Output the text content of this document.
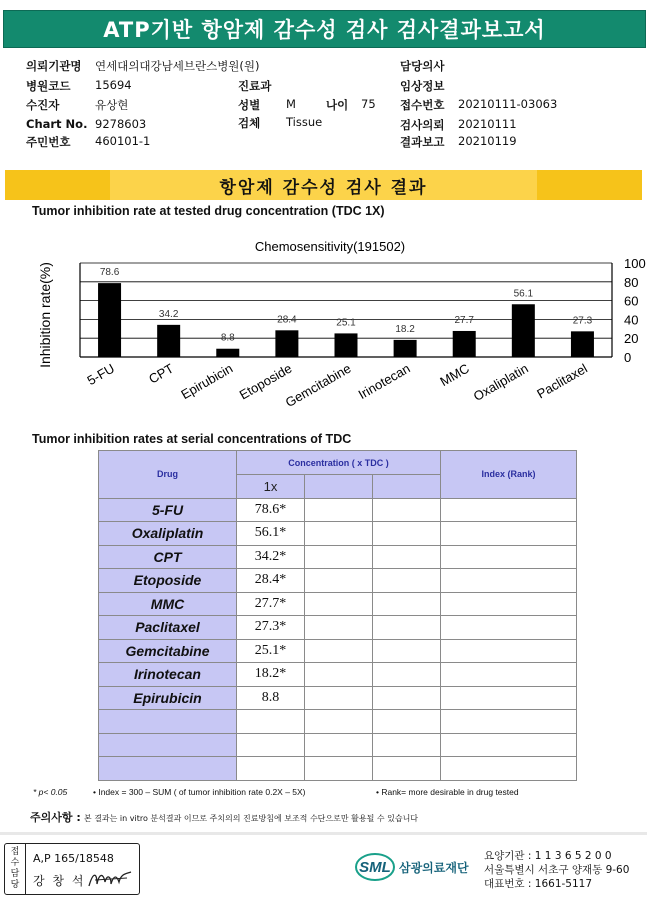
ATP기반 항암제 감수성 검사 검사결과보고서
의뢰기관명 연세대의대강남세브란스병원(원)
병원코드 15694
수진자	유상현
Chart No. 9278603
주민번호 460101-1
진료과
성별 M	나이 75
검체 Tissue
담당의사
임상정보
접수번호 20210111-03063
검사의뢰 20210111
결과보고 20210119
항암제 감수성 검사 결과
Tumor inhibition rate at tested drug concentration (TDC 1X)
Chemosensitivity(191502)
Inhibition rate(%)	78.6
34.2
8.8
28.4	25.1
18.2
27.7
56.1
27.3
0
20
40
60
80
100
5-FU CPT Epirubicin Etoposide
Gemcitabine Irinotecan MMC Oxaliplatin Paclitaxel
Tumor inhibition rates at serial concentrations of TDC
Drug	Concentration ( x TDC )			Index (Rank)
	1x			
5-FU	78.6*			
Oxaliplatin	56.1*			
CPT	34.2*			
Etoposide	28.4*			
MMC	27.7*			
Paclitaxel	27.3*			
Gemcitabine	25.1*			
Irinotecan	18.2*			
Epirubicin	8.8			

* p< 0.05	• Index = 300 – SUM ( of tumor inhibition rate 0.2X – 5X)	• Rank= more desirable in drug tested
주의사항 : 본 결과는 in vitro 분석결과 이므로 주치의의 진료방침에 보조적 수단으로만 활용될 수 있습니다
접
수
담
당
A,P 165/18548
강 창 석
SML 삼광의료재단
요양기관 : 1 1 3 6 5 2 0 0
서울특별시 서초구 양재동 9-60
대표번호 : 1661-5117
